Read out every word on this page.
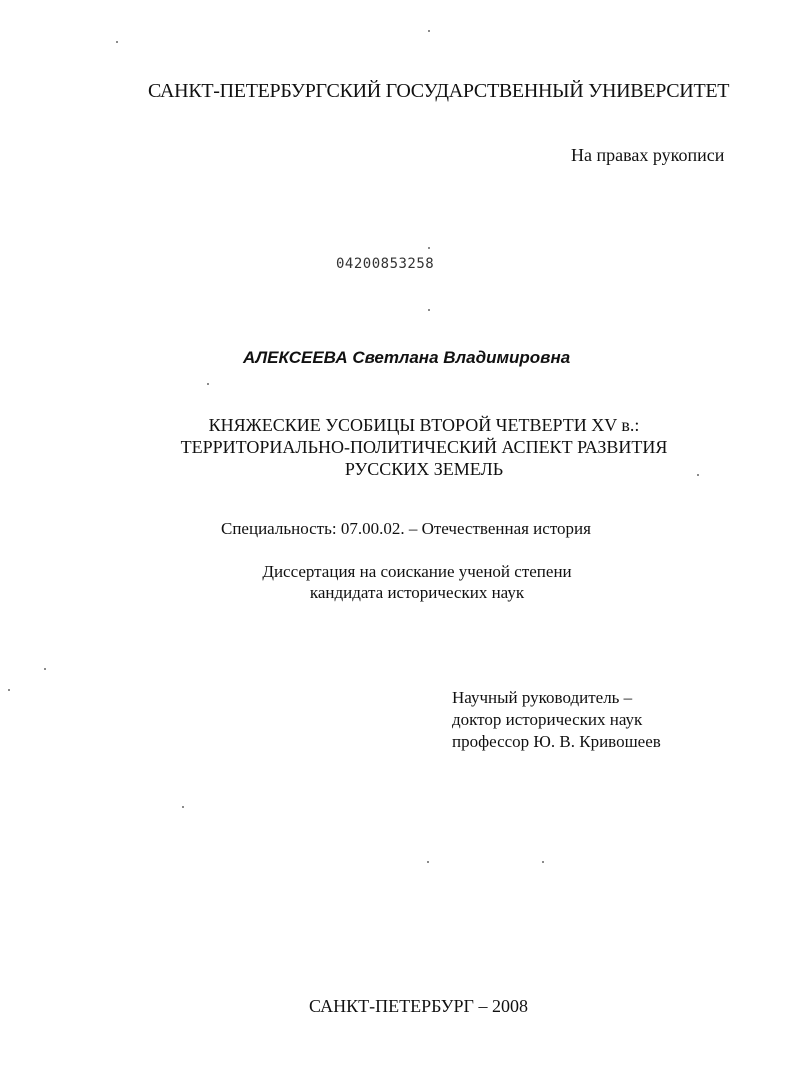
САНКТ-ПЕТЕРБУРГСКИЙ ГОСУДАРСТВЕННЫЙ УНИВЕРСИТЕТ
На правах рукописи
04200853258
АЛЕКСЕЕВА Светлана Владимировна
КНЯЖЕСКИЕ УСОБИЦЫ ВТОРОЙ ЧЕТВЕРТИ XV в.:
ТЕРРИТОРИАЛЬНО-ПОЛИТИЧЕСКИЙ АСПЕКТ РАЗВИТИЯ
РУССКИХ ЗЕМЕЛЬ
Специальность: 07.00.02. – Отечественная история
Диссертация на соискание ученой степени
кандидата исторических наук
Научный руководитель –
доктор исторических наук
профессор Ю. В. Кривошеев
САНКТ-ПЕТЕРБУРГ – 2008
